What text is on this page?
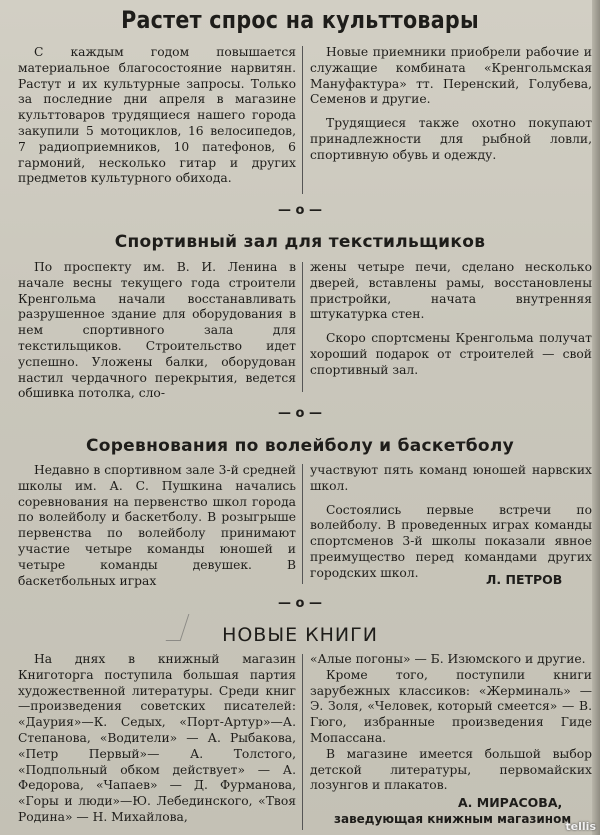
Растет спрос на культтовары

С каждым годом повышается материальное благосостояние нарвитян. Растут и их культурные запросы. Только за последние дни апреля в магазине культтоваров трудящиеся нашего города закупили 5 мотоциклов, 16 велосипедов, 7 радиоприемников, 10 патефонов, 6 гармоний, несколько гитар и других предметов культурного обихода.

Новые приемники приобрели рабочие и служащие комбината «Кренгольмская Мануфактура» тт. Перенский, Голубева, Семенов и другие.

Трудящиеся также охотно покупают принадлежности для рыбной ловли, спортивную обувь и одежду.

— о —
Спортивный зал для текстильщиков

По проспекту им. В. И. Ленина в начале весны текущего года строители Кренгольма начали восстанавливать разрушенное здание для оборудования в нем спортивного зала для текстильщиков. Строительство идет успешно. Уложены балки, оборудован настил чердачного перекрытия, ведется обшивка потолка, сло-

жены четыре печи, сделано несколько дверей, вставлены рамы, восстановлены пристройки, начата внутренняя штукатурка стен.

Скоро спортсмены Кренгольма получат хороший подарок от строителей — свой спортивный зал.

— о —
Соревнования по волейболу и баскетболу

Недавно в спортивном зале 3-й средней школы им. А. С. Пушкина начались соревнования на первенство школ города по волейболу и баскетболу. В розыгрыше первенства по волейболу принимают участие четыре команды юношей и четыре команды девушек. В баскетбольных играх

участвуют пять команд юношей нарвских школ.

Состоялись первые встречи по волейболу. В проведенных играх команды спортсменов 3-й школы показали явное преимущество перед командами других городских школ.	Л. ПЕТРОВ
— о —
НОВЫЕ КНИГИ

На днях в книжный магазин Книготорга поступила большая партия художественной литературы. Среди книг—произведения советских писателей: «Даурия»—К. Седых, «Порт-Артур»—А. Степанова, «Водители» — А. Рыбакова, «Петр Первый»— А. Толстого, «Подпольный обком действует» — А. Федорова, «Чапаев» — Д. Фурманова, «Горы и люди»—Ю. Лебединского, «Твоя Родина» — Н. Михайлова,

«Алые погоны» — Б. Изюмского и другие.

Кроме того, поступили книги зарубежных классиков: «Жерминаль» — Э. Золя, «Человек, который смеется» — В. Гюго, избранные произведения Гиде Мопассана.

В магазине имеется большой выбор детской литературы, первомайских лозунгов и плакатов.

А. МИРАСОВА,
заведующая книжным магазином
tellis
